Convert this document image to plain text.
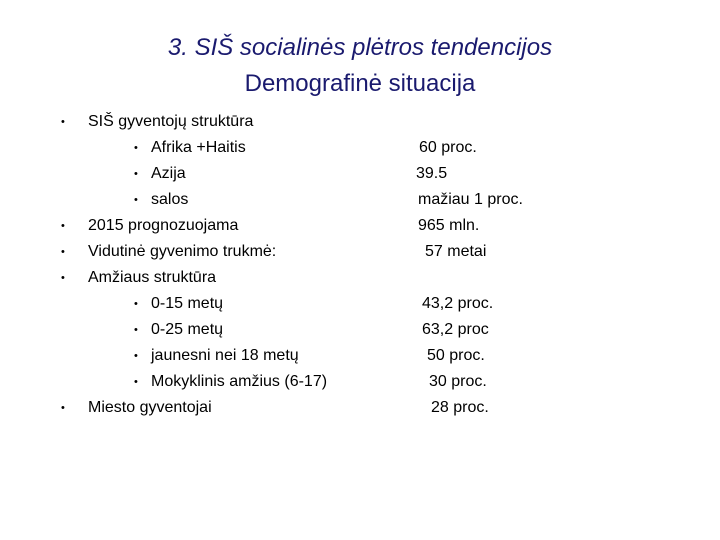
3. SIŠ socialinės plėtros tendencijos
Demografinė situacija
• SIŠ gyventojų struktūra
• Afrika +Haitis	60 proc.
• Azija	39.5
• salos	mažiau 1 proc.
• 2015 prognozuojama	965 mln.
• Vidutinė gyvenimo trukmė:	57 metai
• Amžiaus struktūra
• 0-15 metų	43,2 proc.
• 0-25 metų	63,2 proc
• jaunesni nei 18 metų	50 proc.
• Mokyklinis amžius (6-17)	30 proc.
• Miesto gyventojai	28 proc.
